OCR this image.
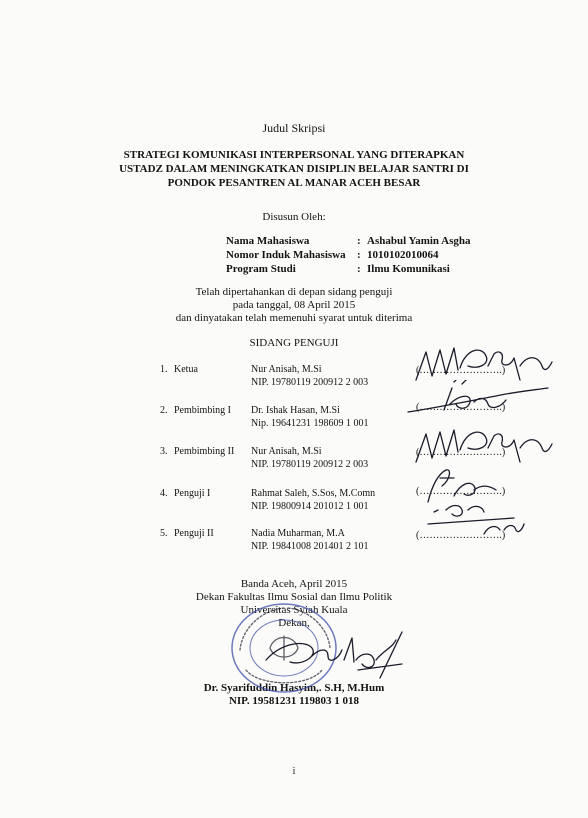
Judul Skripsi
STRATEGI KOMUNIKASI INTERPERSONAL YANG DITERAPKAN
USTADZ DALAM MENINGKATKAN DISIPLIN BELAJAR SANTRI DI
PONDOK PESANTREN AL MANAR ACEH BESAR
Disusun Oleh:
Nama Mahasiswa	: Ashabul Yamin Asgha
Nomor Induk Mahasiswa : 1010102010064
Program Studi	: Ilmu Komunikasi
Telah dipertahankan di depan sidang penguji
pada tanggal, 08 April 2015
dan dinyatakan telah memenuhi syarat untuk diterima
SIDANG PENGUJI
1. Ketua	Nur Anisah, M.Si
NIP. 19780119 200912 2 003
(…………………….)
2. Pembimbing I Dr. Ishak Hasan, M.Si
Nip. 19641231 198609 1 001
(…………………….)
3. Pembimbing II Nur Anisah, M.Si
NIP. 19780119 200912 2 003
(…………………….)
4. Penguji I	Rahmat Saleh, S.Sos, M.Comn
NIP. 19800914 201012 1 001
(…………………….)
5. Penguji II	Nadia Muharman, M.A
NIP. 19841008 201401 2 101
(…………………….)
Banda Aceh, April 2015
Dekan Fakultas Ilmu Sosial dan Ilmu Politik
Universitas Syiah Kuala
Dekan,
Dr. Syarifuddin Hasyim,. S.H, M.Hum
NIP. 19581231 119803 1 018
i
